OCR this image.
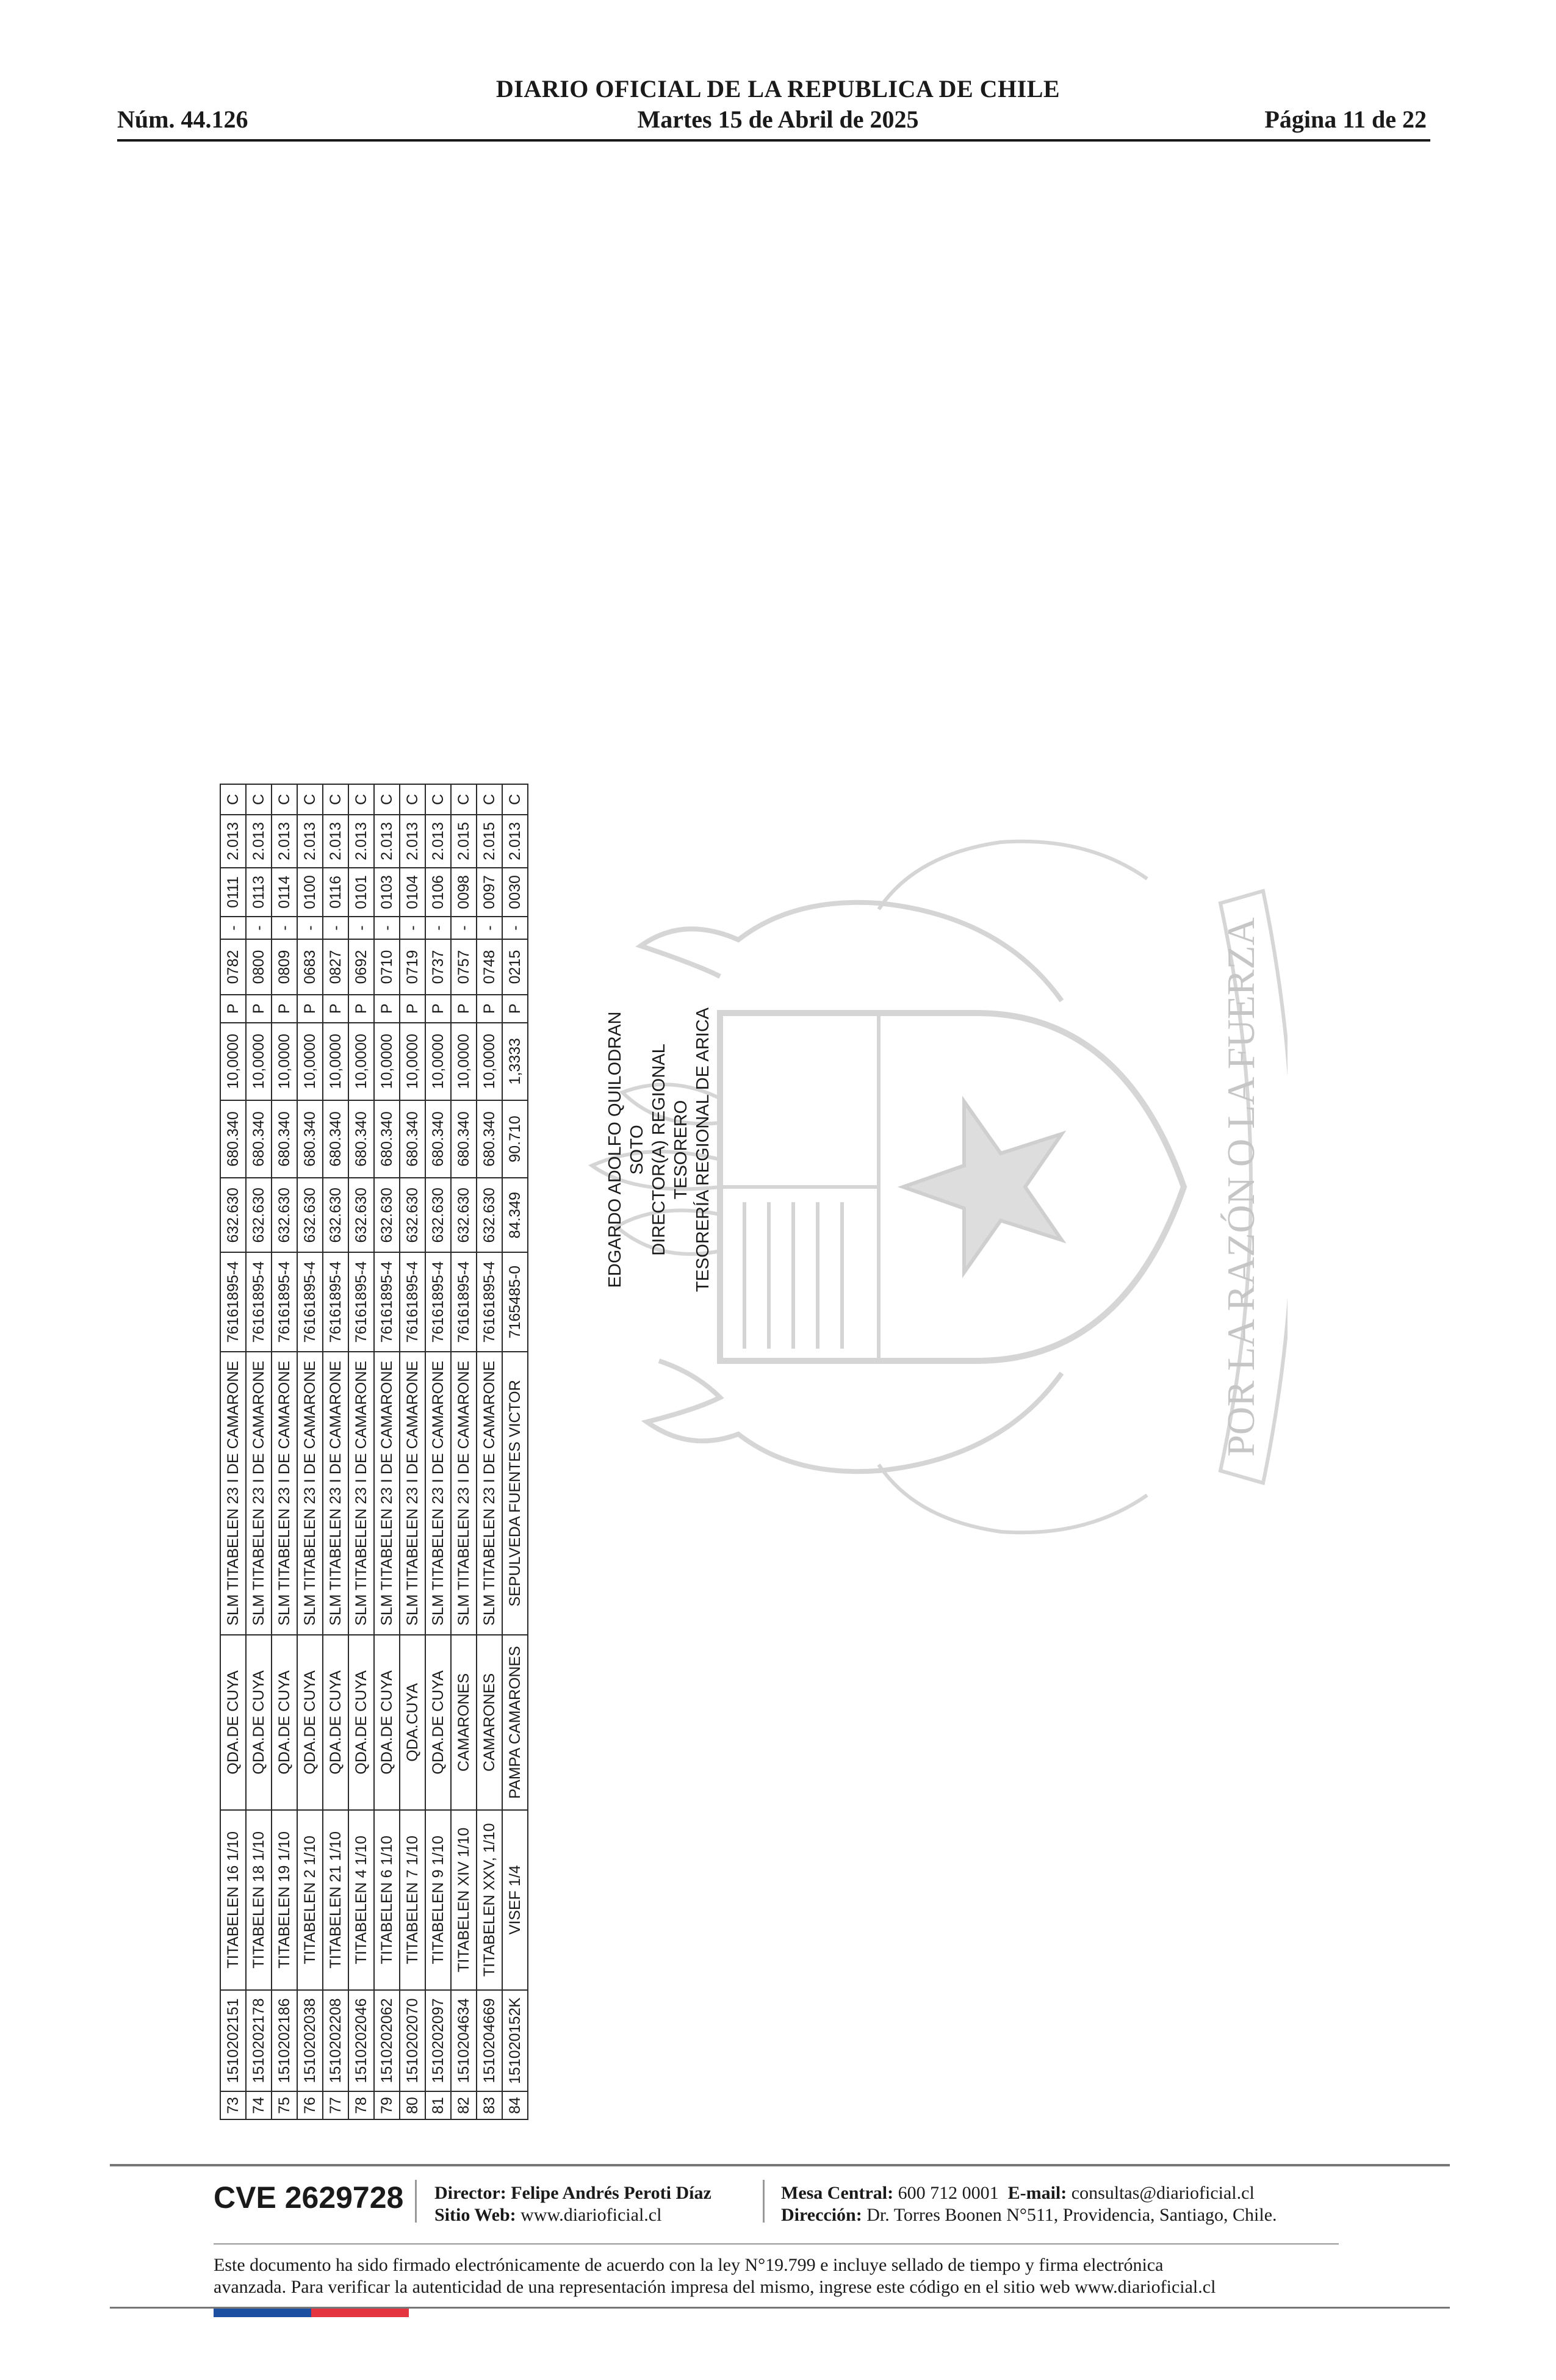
DIARIO OFICIAL DE LA REPUBLICA DE CHILE
Núm. 44.126	Martes 15 de Abril de 2025	Página 11 de 22
POR LA RAZÓN O LA FUERZA
73	1510202151	TITABELEN 16 1/10	QDA.DE CUYA	SLM TITABELEN 23 I DE CAMARONE	76161895-4	632.630	680.340	10,0000	P	0782	-	0111	2.013	C
74	1510202178	TITABELEN 18 1/10	QDA.DE CUYA	SLM TITABELEN 23 I DE CAMARONE	76161895-4	632.630	680.340	10,0000	P	0800	-	0113	2.013	C
75	1510202186	TITABELEN 19 1/10	QDA.DE CUYA	SLM TITABELEN 23 I DE CAMARONE	76161895-4	632.630	680.340	10,0000	P	0809	-	0114	2.013	C
76	1510202038	TITABELEN 2 1/10	QDA.DE CUYA	SLM TITABELEN 23 I DE CAMARONE	76161895-4	632.630	680.340	10,0000	P	0683	-	0100	2.013	C
77	1510202208	TITABELEN 21 1/10	QDA.DE CUYA	SLM TITABELEN 23 I DE CAMARONE	76161895-4	632.630	680.340	10,0000	P	0827	-	0116	2.013	C
78	1510202046	TITABELEN 4 1/10	QDA.DE CUYA	SLM TITABELEN 23 I DE CAMARONE	76161895-4	632.630	680.340	10,0000	P	0692	-	0101	2.013	C
79	1510202062	TITABELEN 6 1/10	QDA.DE CUYA	SLM TITABELEN 23 I DE CAMARONE	76161895-4	632.630	680.340	10,0000	P	0710	-	0103	2.013	C
80	1510202070	TITABELEN 7 1/10	QDA.CUYA	SLM TITABELEN 23 I DE CAMARONE	76161895-4	632.630	680.340	10,0000	P	0719	-	0104	2.013	C
81	1510202097	TITABELEN 9 1/10	QDA.DE CUYA	SLM TITABELEN 23 I DE CAMARONE	76161895-4	632.630	680.340	10,0000	P	0737	-	0106	2.013	C
82	1510204634	TITABELEN XIV 1/10	CAMARONES	SLM TITABELEN 23 I DE CAMARONE	76161895-4	632.630	680.340	10,0000	P	0757	-	0098	2.015	C
83	1510204669	TITABELEN XXV, 1/10	CAMARONES	SLM TITABELEN 23 I DE CAMARONE	76161895-4	632.630	680.340	10,0000	P	0748	-	0097	2.015	C
84	151020152K	VISEF 1/4	PAMPA CAMARONES	SEPULVEDA FUENTES VICTOR	7165485-0	84.349	90.710	1,3333	P	0215	-	0030	2.013	C
EDGARDO ADOLFO QUILODRAN SOTO DIRECTOR(A) REGIONAL TESORERO TESORERÍA REGIONAL DE ARICA
CVE 2629728 Director: Felipe Andrés Peroti Díaz
Sitio Web: www.diarioficial.cl
Mesa Central: 600 712 0001 E-mail: consultas@diarioficial.cl
Dirección: Dr. Torres Boonen N°511, Providencia, Santiago, Chile.
Este documento ha sido firmado electrónicamente de acuerdo con la ley N°19.799 e incluye sellado de tiempo y firma electrónica
avanzada. Para verificar la autenticidad de una representación impresa del mismo, ingrese este código en el sitio web www.diarioficial.cl
